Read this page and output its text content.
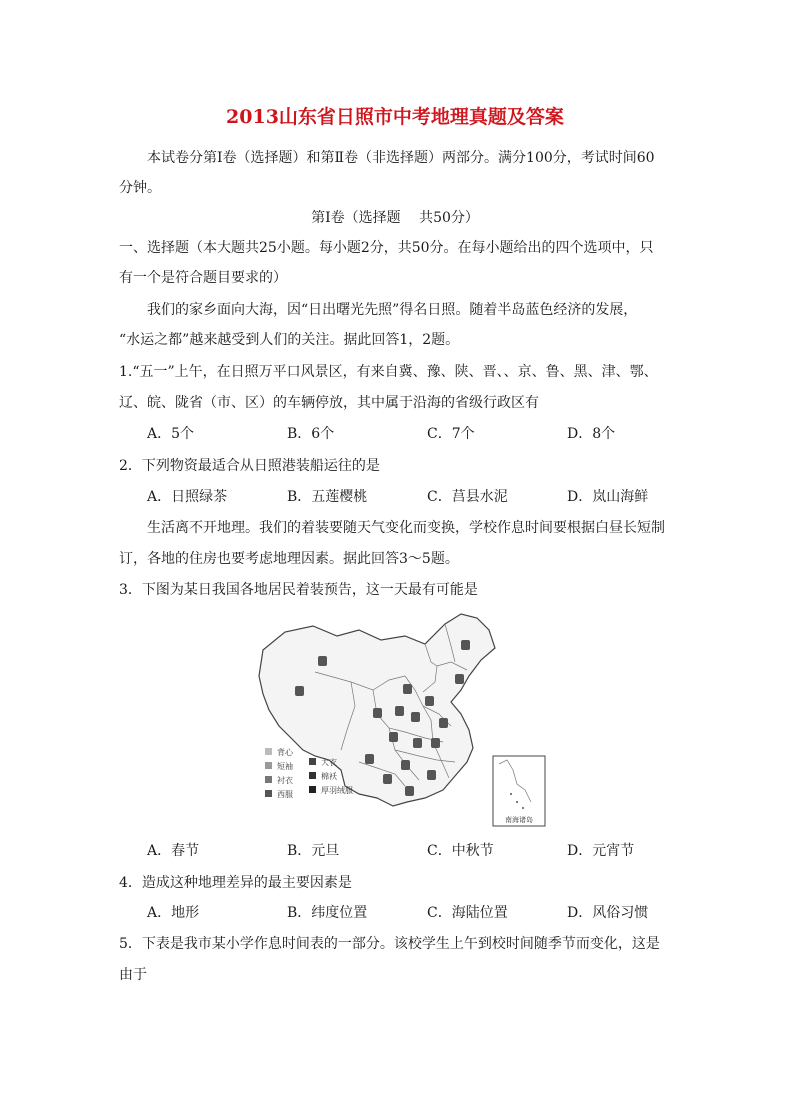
2013山东省日照市中考地理真题及答案
本试卷分第Ⅰ卷（选择题）和第Ⅱ卷（非选择题）两部分。满分100分，考试时间60
分钟。
第Ⅰ卷（选择题　 共50分）
一、选择题（本大题共25小题。每小题2分，共50分。在每小题给出的四个选项中，只
有一个是符合题目要求的）
我们的家乡面向大海，因“日出曙光先照”得名日照。随着半岛蓝色经济的发展，
“水运之都”越来越受到人们的关注。据此回答1，2题。
1.“五一”上午，在日照万平口风景区，有来自冀、豫、陕、晋、、京、鲁、黑、津、鄂、
辽、皖、陇省（市、区）的车辆停放，其中属于沿海的省级行政区有
A．5个	B．6个	C．7个	D．8个
2．下列物资最适合从日照港装船运往的是
A．日照绿茶	B．五莲樱桃	C．莒县水泥	D．岚山海鲜
生活离不开地理。我们的着装要随天气变化而变换，学校作息时间要根据白昼长短制
订，各地的住房也要考虑地理因素。据此回答3～5题。
3．下图为某日我国各地居民着装预告，这一天最有可能是
背心
短袖
衬衣
西服
大衣
棉袄
厚羽绒服
南海诸岛
A．春节	B．元旦	C．中秋节	D．元宵节
4．造成这种地理差异的最主要因素是
A．地形	B．纬度位置	C．海陆位置	D．风俗习惯
5．下表是我市某小学作息时间表的一部分。该校学生上午到校时间随季节而变化，这是
由于
